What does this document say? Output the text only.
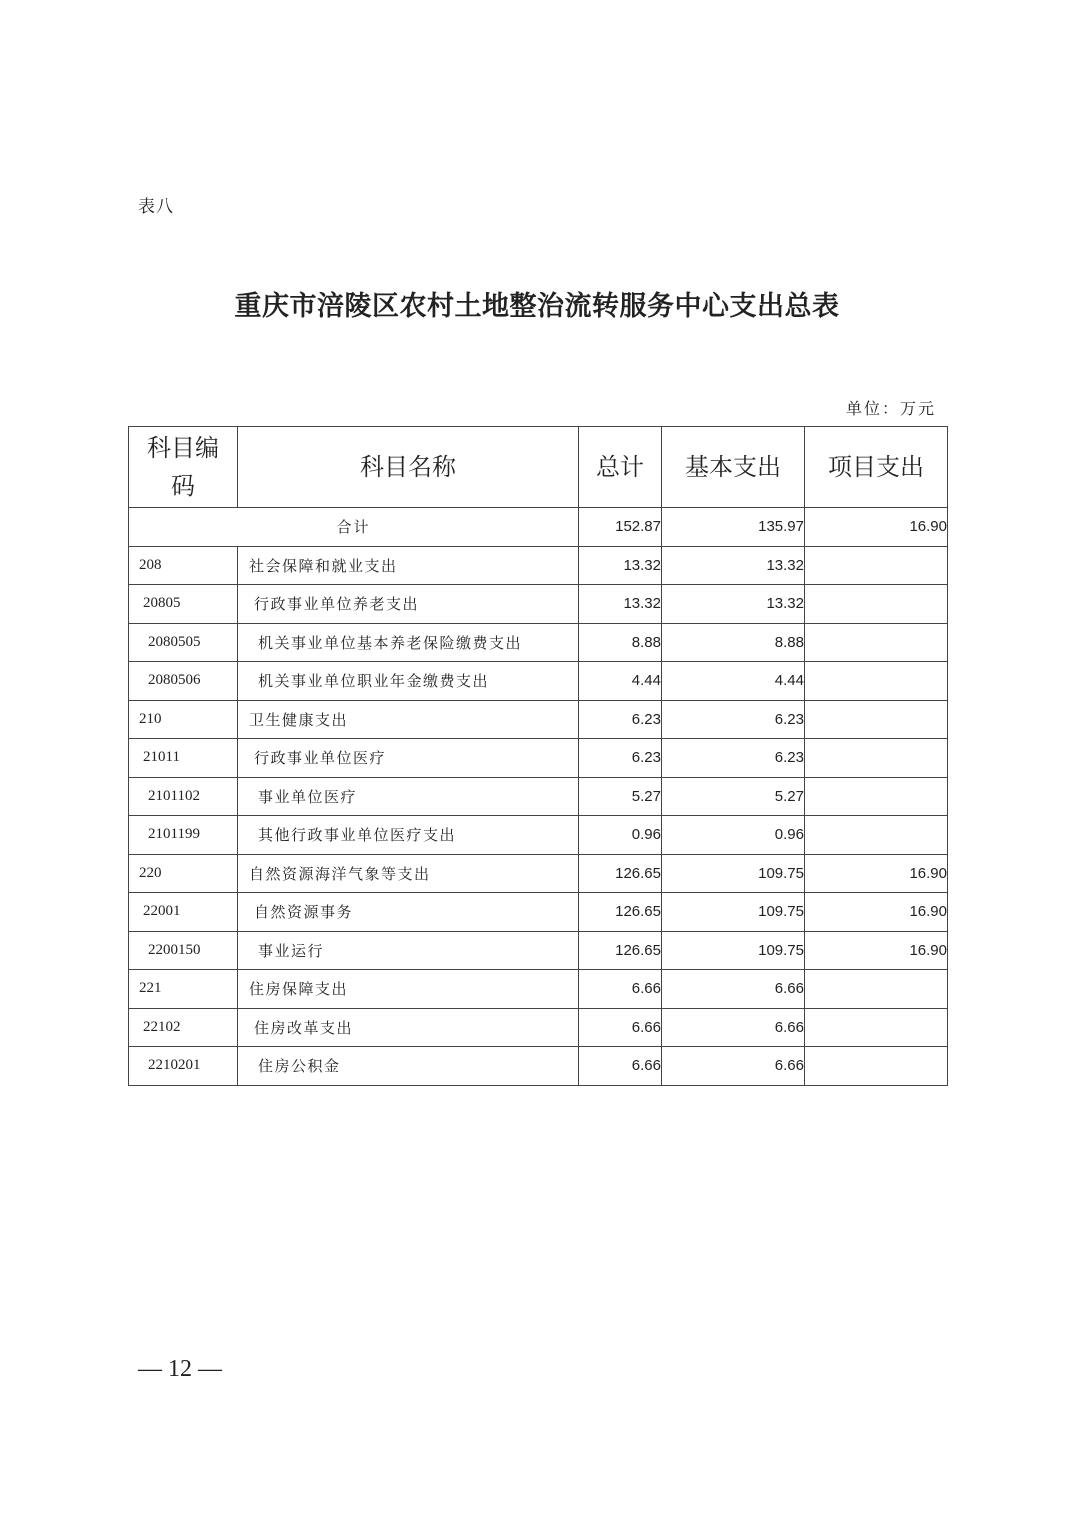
表八
重庆市涪陵区农村土地整治流转服务中心支出总表
单位：万元
科目编码	科目名称	总计	基本支出	项目支出
合计		152.87	135.97	16.90
208	社会保障和就业支出	13.32	13.32	
20805	行政事业单位养老支出	13.32	13.32	
2080505	机关事业单位基本养老保险缴费支出	8.88	8.88	
2080506	机关事业单位职业年金缴费支出	4.44	4.44	
210	卫生健康支出	6.23	6.23	
21011	行政事业单位医疗	6.23	6.23	
2101102	事业单位医疗	5.27	5.27	
2101199	其他行政事业单位医疗支出	0.96	0.96	
220	自然资源海洋气象等支出	126.65	109.75	16.90
22001	自然资源事务	126.65	109.75	16.90
2200150	事业运行	126.65	109.75	16.90
221	住房保障支出	6.66	6.66	
22102	住房改革支出	6.66	6.66	
2210201	住房公积金	6.66	6.66	
— 12 —
